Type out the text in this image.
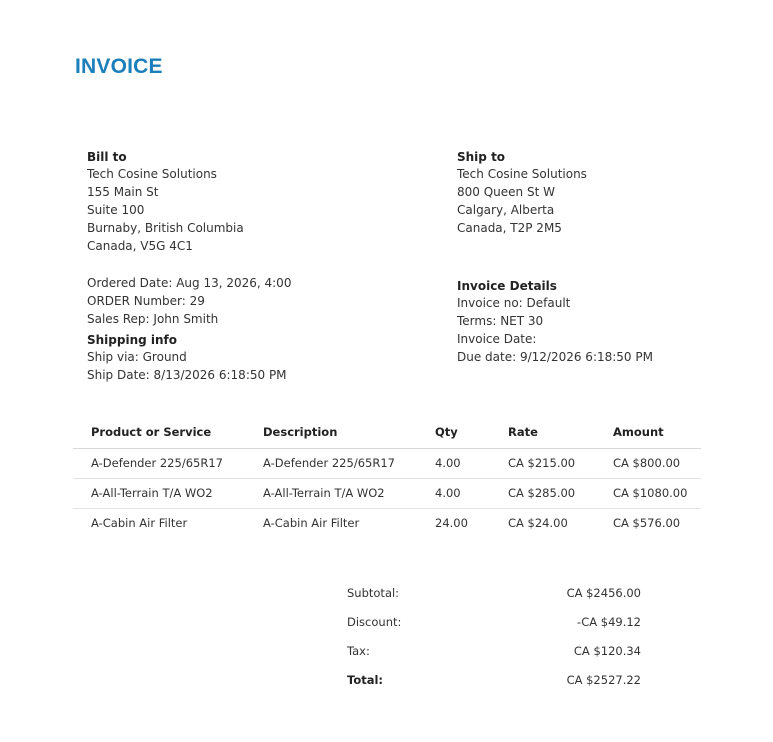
INVOICE
Bill to
Tech Cosine Solutions
155 Main St
Suite 100
Burnaby, British Columbia
Canada, V5G 4C1
Ship to
Tech Cosine Solutions
800 Queen St W
Calgary, Alberta
Canada, T2P 2M5
Ordered Date: Aug 13, 2026, 4:00
ORDER Number: 29
Sales Rep: John Smith
Shipping info
Ship via: Ground
Ship Date: 8/13/2026 6:18:50 PM
Invoice Details
Invoice no: Default
Terms: NET 30
Invoice Date:
Due date: 9/12/2026 6:18:50 PM
Product or Service	Description	Qty	Rate	Amount
A-Defender 225/65R17	A-Defender 225/65R17	4.00	CA $215.00	CA $800.00
A-All-Terrain T/A WO2	A-All-Terrain T/A WO2	4.00	CA $285.00	CA $1080.00
A-Cabin Air Filter	A-Cabin Air Filter	24.00	CA $24.00	CA $576.00
Subtotal:	CA $2456.00
Discount:	-CA $49.12
Tax:	CA $120.34
Total:	CA $2527.22
